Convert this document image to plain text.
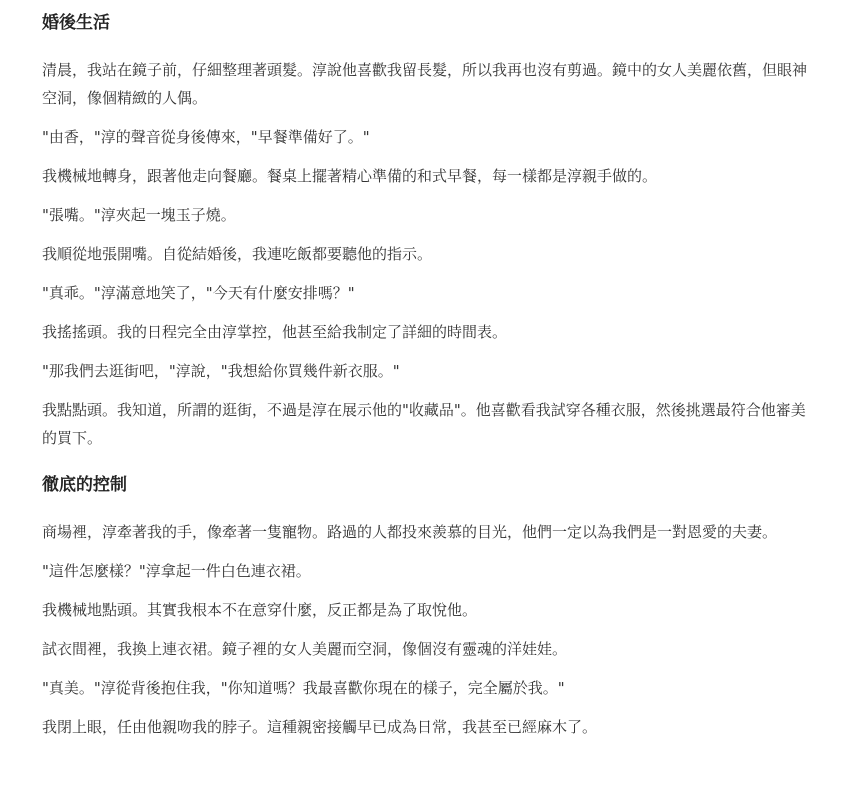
婚後生活

清晨，我站在鏡子前，仔細整理著頭髮。淳說他喜歡我留長髮，所以我再也沒有剪過。鏡中的女人美麗依舊，但眼神空洞，像個精緻的人偶。

"由香，"淳的聲音從身後傳來，"早餐準備好了。"

我機械地轉身，跟著他走向餐廳。餐桌上擺著精心準備的和式早餐，每一樣都是淳親手做的。

"張嘴。"淳夾起一塊玉子燒。

我順從地張開嘴。自從結婚後，我連吃飯都要聽他的指示。

"真乖。"淳滿意地笑了，"今天有什麼安排嗎？"

我搖搖頭。我的日程完全由淳掌控，他甚至給我制定了詳細的時間表。

"那我們去逛街吧，"淳說，"我想給你買幾件新衣服。"

我點點頭。我知道，所謂的逛街，不過是淳在展示他的"收藏品"。他喜歡看我試穿各種衣服，然後挑選最符合他審美的買下。

徹底的控制

商場裡，淳牽著我的手，像牽著一隻寵物。路過的人都投來羨慕的目光，他們一定以為我們是一對恩愛的夫妻。

"這件怎麼樣？"淳拿起一件白色連衣裙。

我機械地點頭。其實我根本不在意穿什麼，反正都是為了取悅他。

試衣間裡，我換上連衣裙。鏡子裡的女人美麗而空洞，像個沒有靈魂的洋娃娃。

"真美。"淳從背後抱住我，"你知道嗎？我最喜歡你現在的樣子，完全屬於我。"

我閉上眼，任由他親吻我的脖子。這種親密接觸早已成為日常，我甚至已經麻木了。
